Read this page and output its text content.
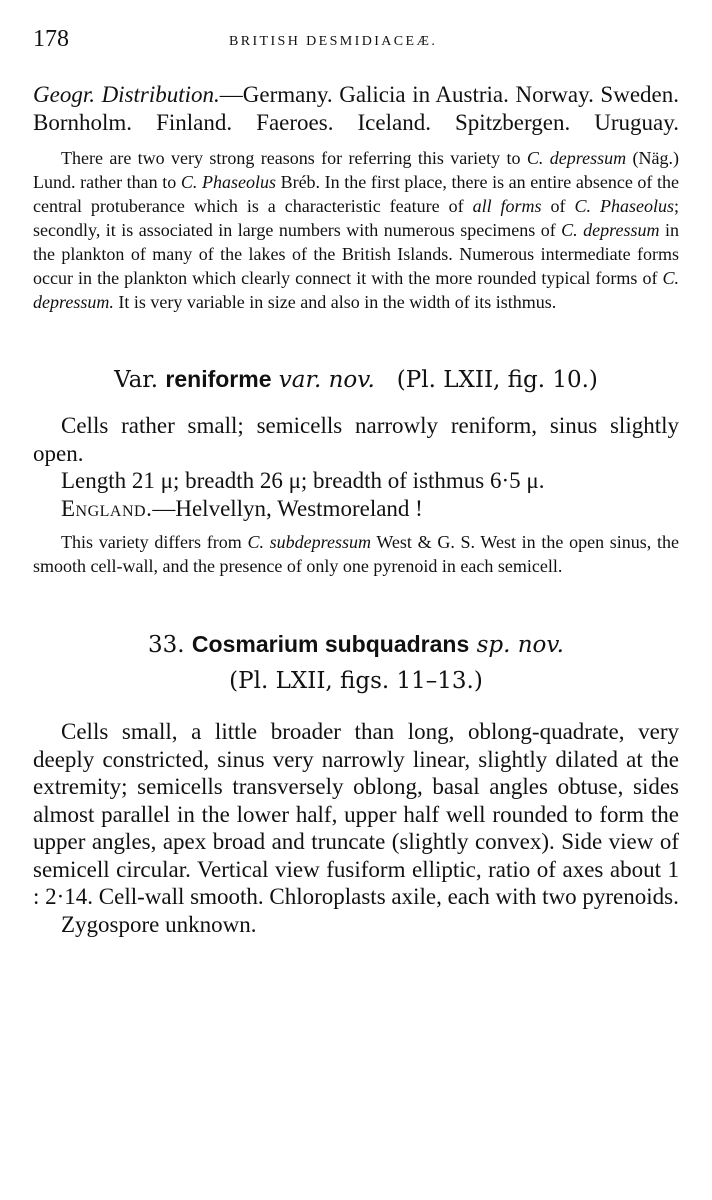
178	BRITISH DESMIDIACEÆ.

Geogr. Distribution.—Germany. Galicia in Austria. Norway. Sweden. Bornholm. Finland. Faeroes. Iceland. Spitzbergen. Uruguay.

There are two very strong reasons for referring this variety to C. depressum (Näg.) Lund. rather than to C. Phaseolus Bréb. In the first place, there is an entire absence of the central protuberance which is a characteristic feature of all forms of C. Phaseolus; secondly, it is associated in large numbers with numerous specimens of C. depressum in the plankton of many of the lakes of the British Islands. Numerous intermediate forms occur in the plankton which clearly connect it with the more rounded typical forms of C. depressum. It is very variable in size and also in the width of its isthmus.

Var. reniforme var. nov. (Pl. LXII, fig. 10.)

Cells rather small; semicells narrowly reniform, sinus slightly open.

Length 21 μ; breadth 26 μ; breadth of isthmus 6·5 μ.

England.—Helvellyn, Westmoreland !

This variety differs from C. subdepressum West & G. S. West in the open sinus, the smooth cell-wall, and the presence of only one pyrenoid in each semicell.

33. Cosmarium subquadrans sp. nov.

(Pl. LXII, figs. 11–13.)

Cells small, a little broader than long, oblong-quadrate, very deeply constricted, sinus very narrowly linear, slightly dilated at the extremity; semicells transversely oblong, basal angles obtuse, sides almost parallel in the lower half, upper half well rounded to form the upper angles, apex broad and truncate (slightly convex). Side view of semicell circular. Vertical view fusiform elliptic, ratio of axes about 1 : 2·14. Cell-wall smooth. Chloroplasts axile, each with two pyrenoids.

Zygospore unknown.
